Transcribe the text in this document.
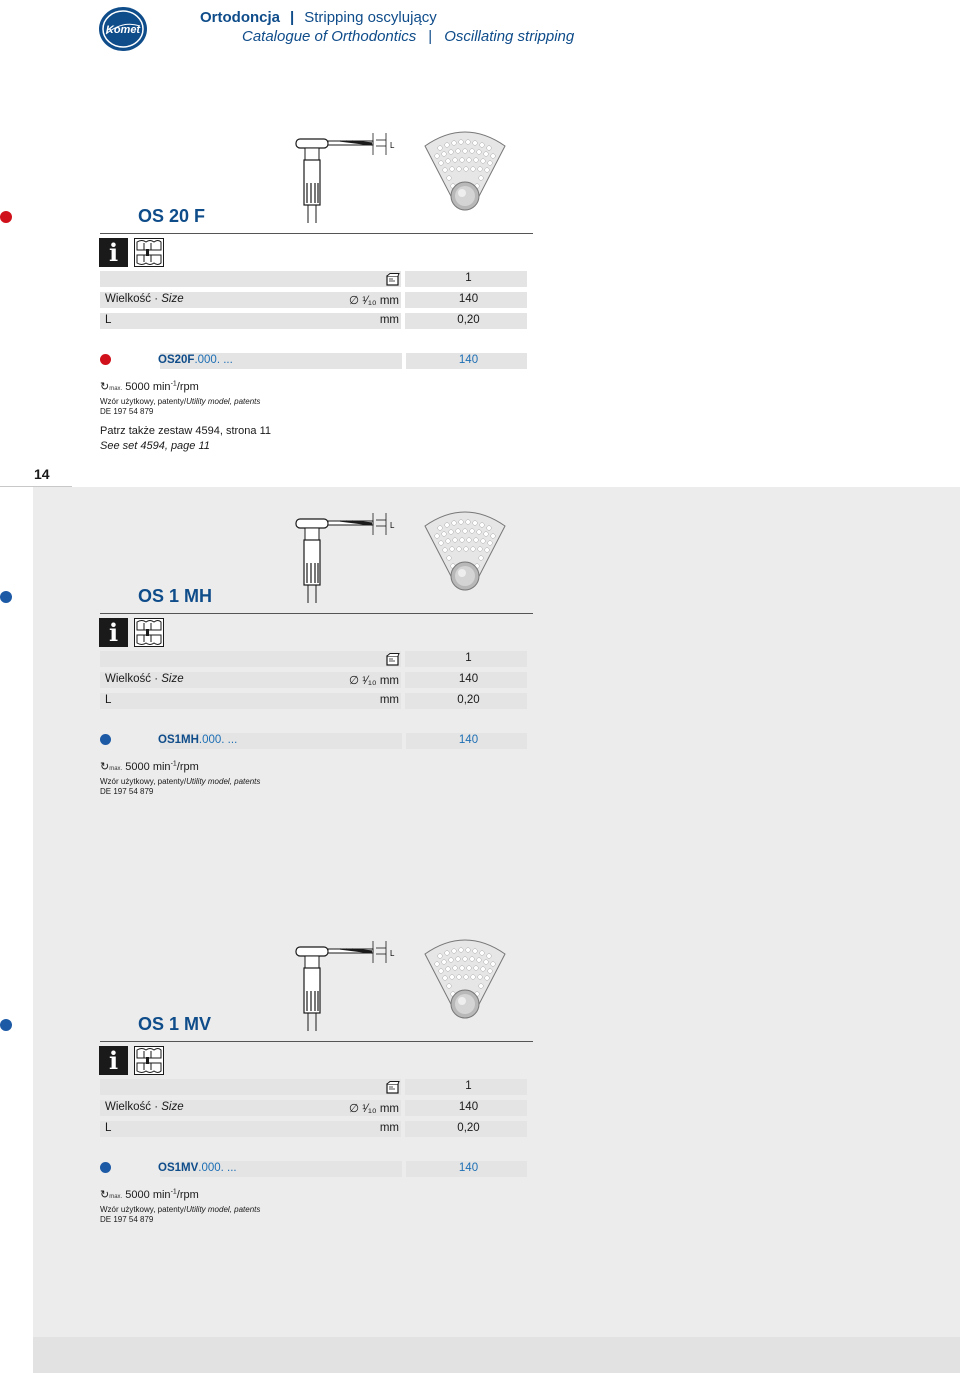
14
Komet
Ortodoncja | Stripping oscylujący
Catalogue of Orthodontics | Oscillating stripping
L
OS 20 F
i
1
Wielkość · Size	∅ ¹⁄₁₀ mm	140
L	mm	0,20
OS20F.000. ...	140
↻max. 5000 $\min^{-1}$/rpm
Wzór użytkowy, patenty/Utility model, patents
DE 197 54 879
Patrz także zestaw 4594, strona 11
See set 4594, page 11
L
OS 1 MH
i
1
Wielkość · Size	∅ ¹⁄₁₀ mm	140
L	mm	0,20
OS1MH.000. ...	140
↻max. 5000 $\min^{-1}$/rpm
Wzór użytkowy, patenty/Utility model, patents
DE 197 54 879
L
OS 1 MV
i
1
Wielkość · Size	∅ ¹⁄₁₀ mm	140
L	mm	0,20
OS1MV.000. ...	140
↻max. 5000 $\min^{-1}$/rpm
Wzór użytkowy, patenty/Utility model, patents
DE 197 54 879
